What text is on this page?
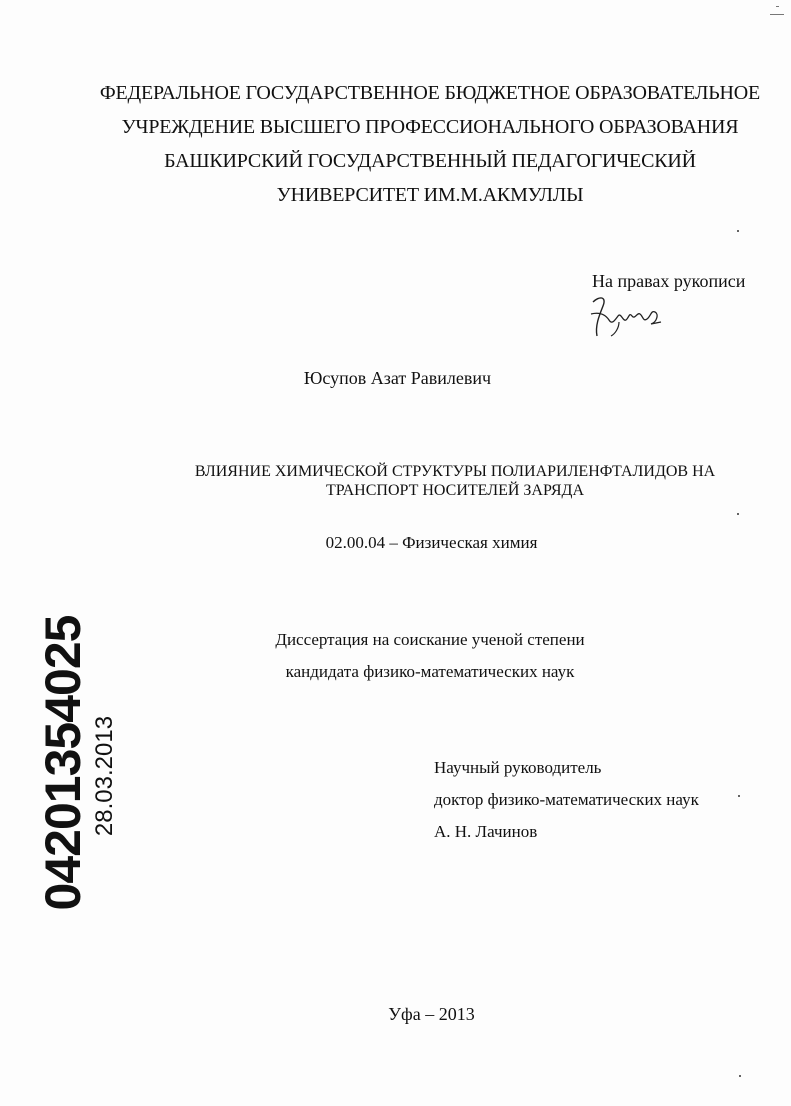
ФЕДЕРАЛЬНОЕ ГОСУДАРСТВЕННОЕ БЮДЖЕТНОЕ ОБРАЗОВАТЕЛЬНОЕ
УЧРЕЖДЕНИЕ ВЫСШЕГО ПРОФЕССИОНАЛЬНОГО ОБРАЗОВАНИЯ
БАШКИРСКИЙ ГОСУДАРСТВЕННЫЙ ПЕДАГОГИЧЕСКИЙ
УНИВЕРСИТЕТ ИМ.М.АКМУЛЛЫ
На правах рукописи
Юсупов Азат Равилевич
ВЛИЯНИЕ ХИМИЧЕСКОЙ СТРУКТУРЫ ПОЛИАРИЛЕНФТАЛИДОВ НА
ТРАНСПОРТ НОСИТЕЛЕЙ ЗАРЯДА
02.00.04 – Физическая химия
Диссертация на соискание ученой степени
кандидата физико-математических наук
Научный руководитель
доктор физико-математических наук
А. Н. Лачинов
04201354025 28.03.2013
Уфа – 2013
